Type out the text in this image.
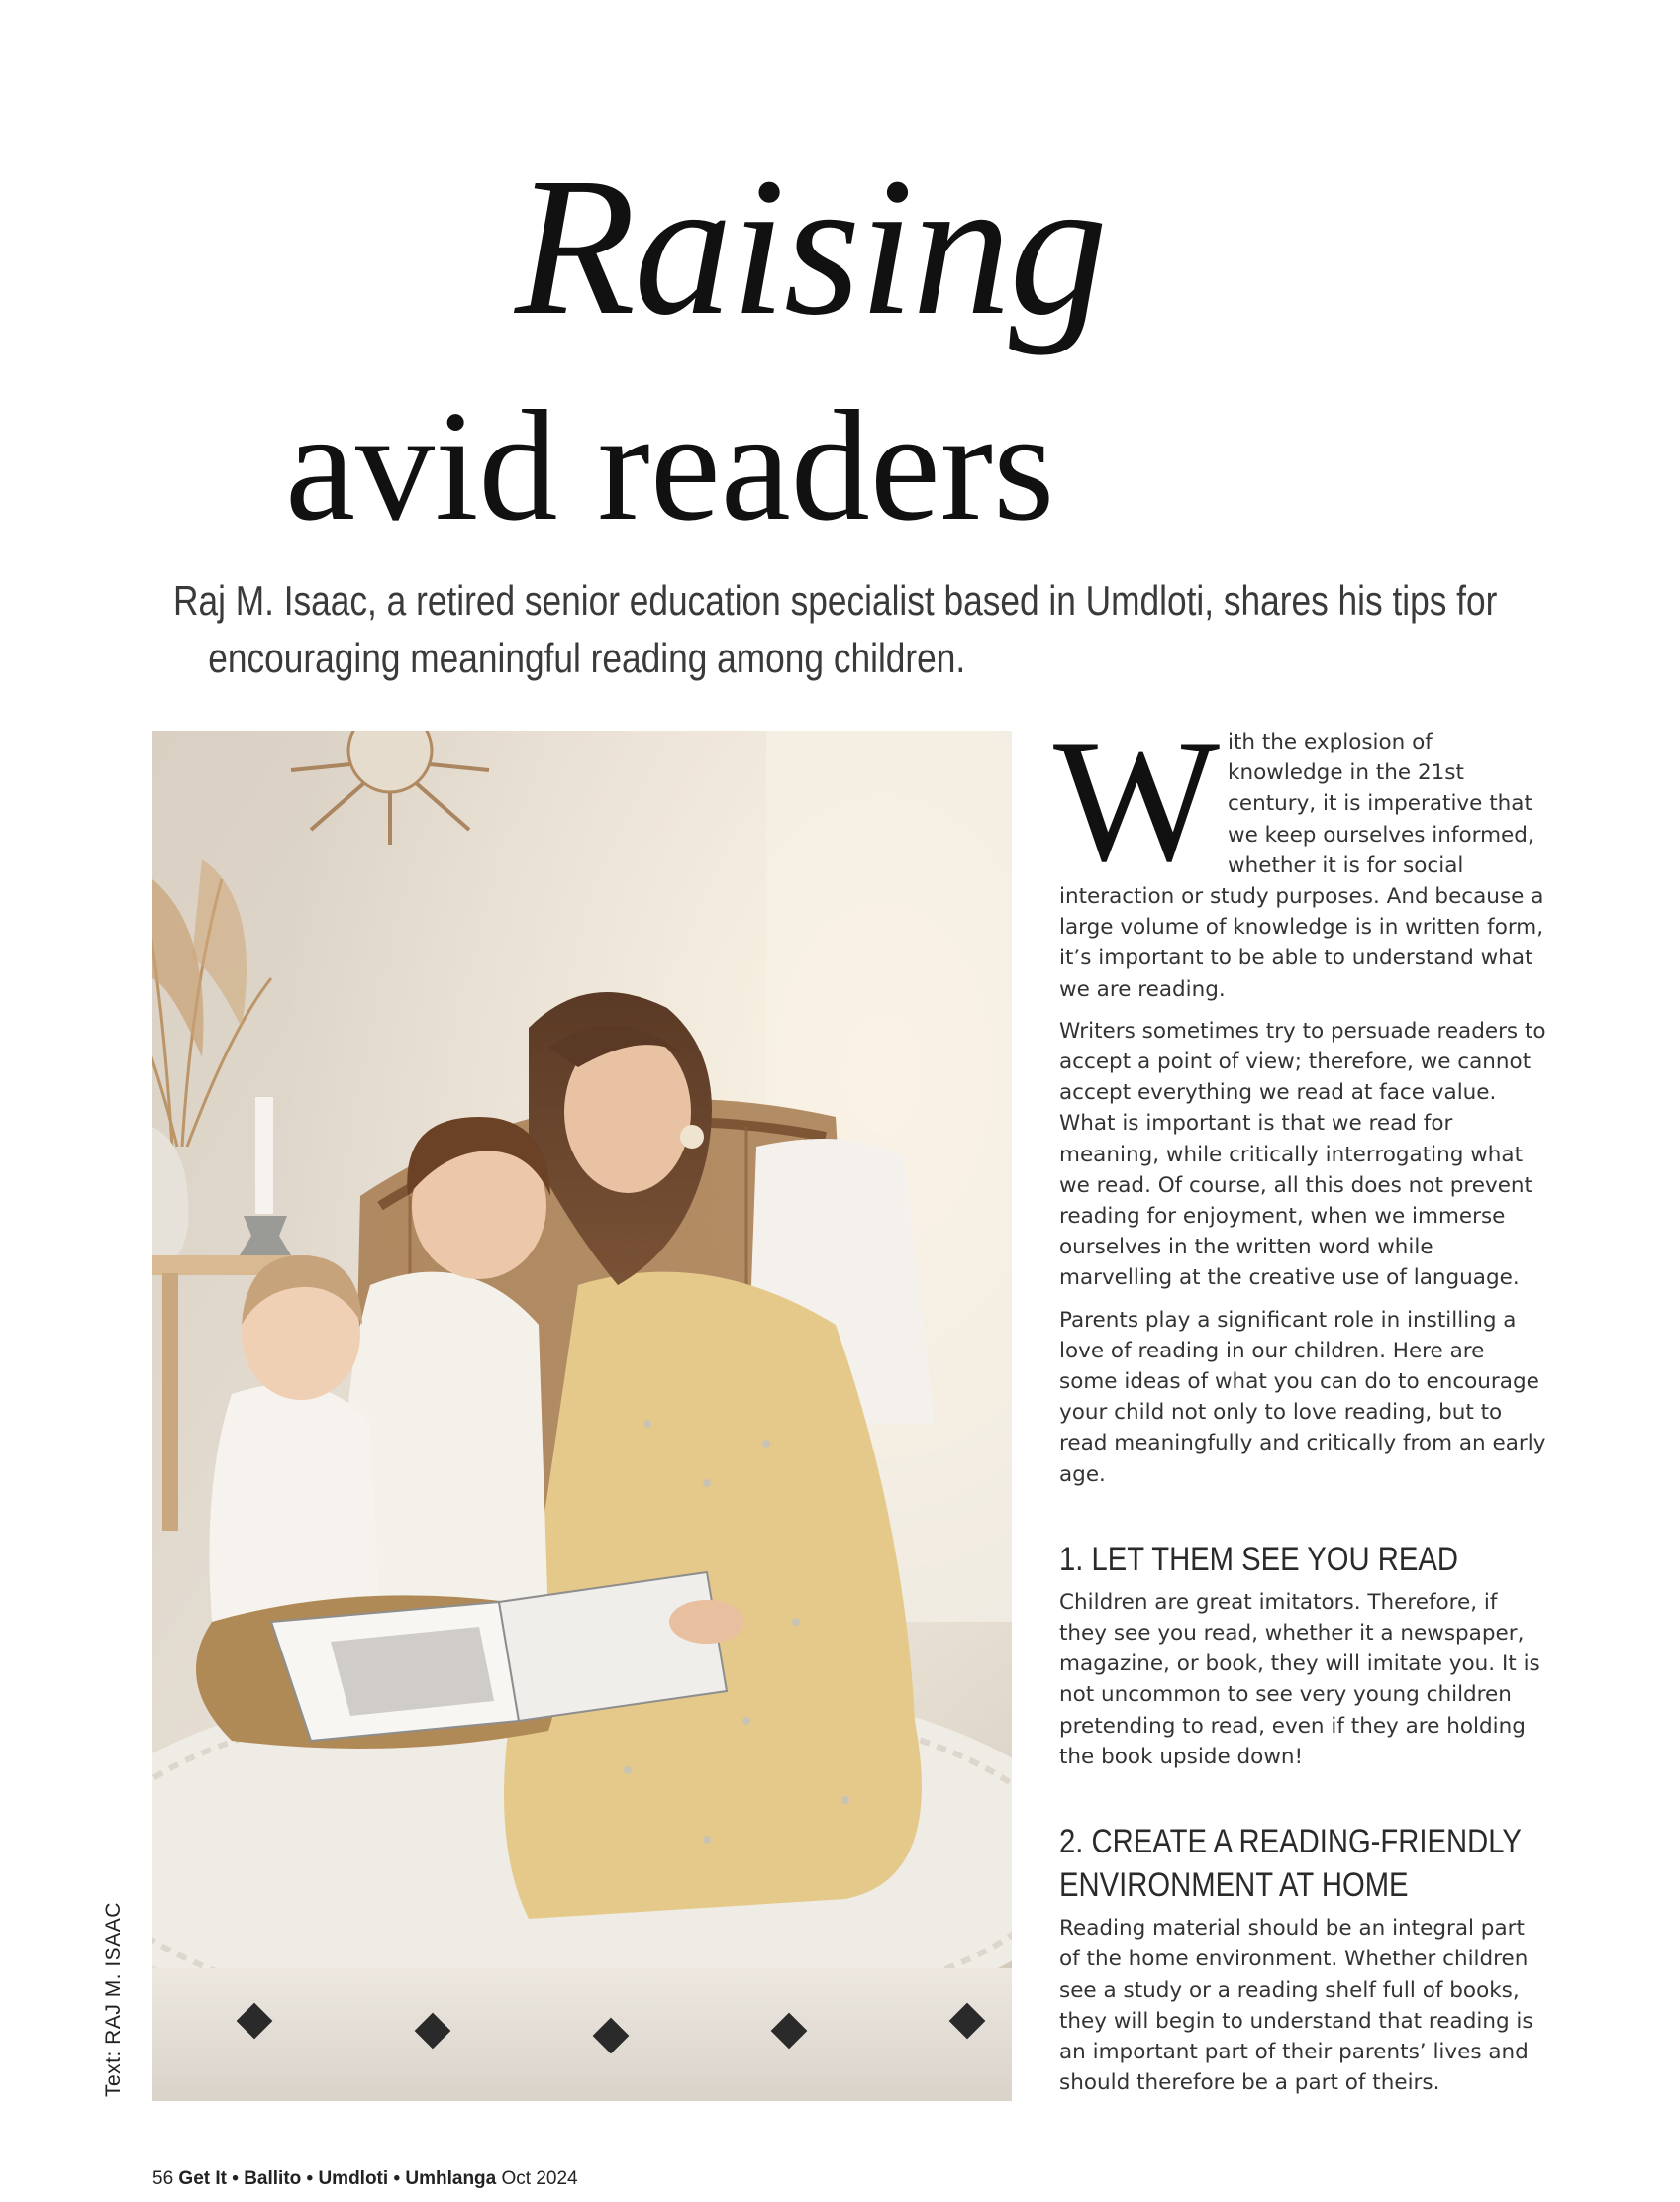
Raising
avid readers
Raj M. Isaac, a retired senior education specialist based in Umdloti, shares his tips for
encouraging meaningful reading among children.
Text: RAJ M. ISAAC

With the explosion of knowledge in the 21st century, it is imperative that we keep ourselves informed, whether it is for social interaction or study purposes. And because a large volume of knowledge is in written form, it’s important to be able to understand what we are reading.

Writers sometimes try to persuade readers to accept a point of view; therefore, we cannot accept everything we read at face value. What is important is that we read for meaning, while critically interrogating what we read. Of course, all this does not prevent reading for enjoyment, when we immerse ourselves in the written word while marvelling at the creative use of language.

Parents play a significant role in instilling a love of reading in our children. Here are some ideas of what you can do to encourage your child not only to love reading, but to read meaningfully and critically from an early age.

1. LET THEM SEE YOU READ

Children are great imitators. Therefore, if they see you read, whether it a newspaper, magazine, or book, they will imitate you. It is not uncommon to see very young children pretending to read, even if they are holding the book upside down!

2. CREATE A READING-FRIENDLY ENVIRONMENT AT HOME

Reading material should be an integral part of the home environment. Whether children see a study or a reading shelf full of books, they will begin to understand that reading is an important part of their parents’ lives and should therefore be a part of theirs.

56 Get It • Ballito • Umdloti • Umhlanga Oct 2024
